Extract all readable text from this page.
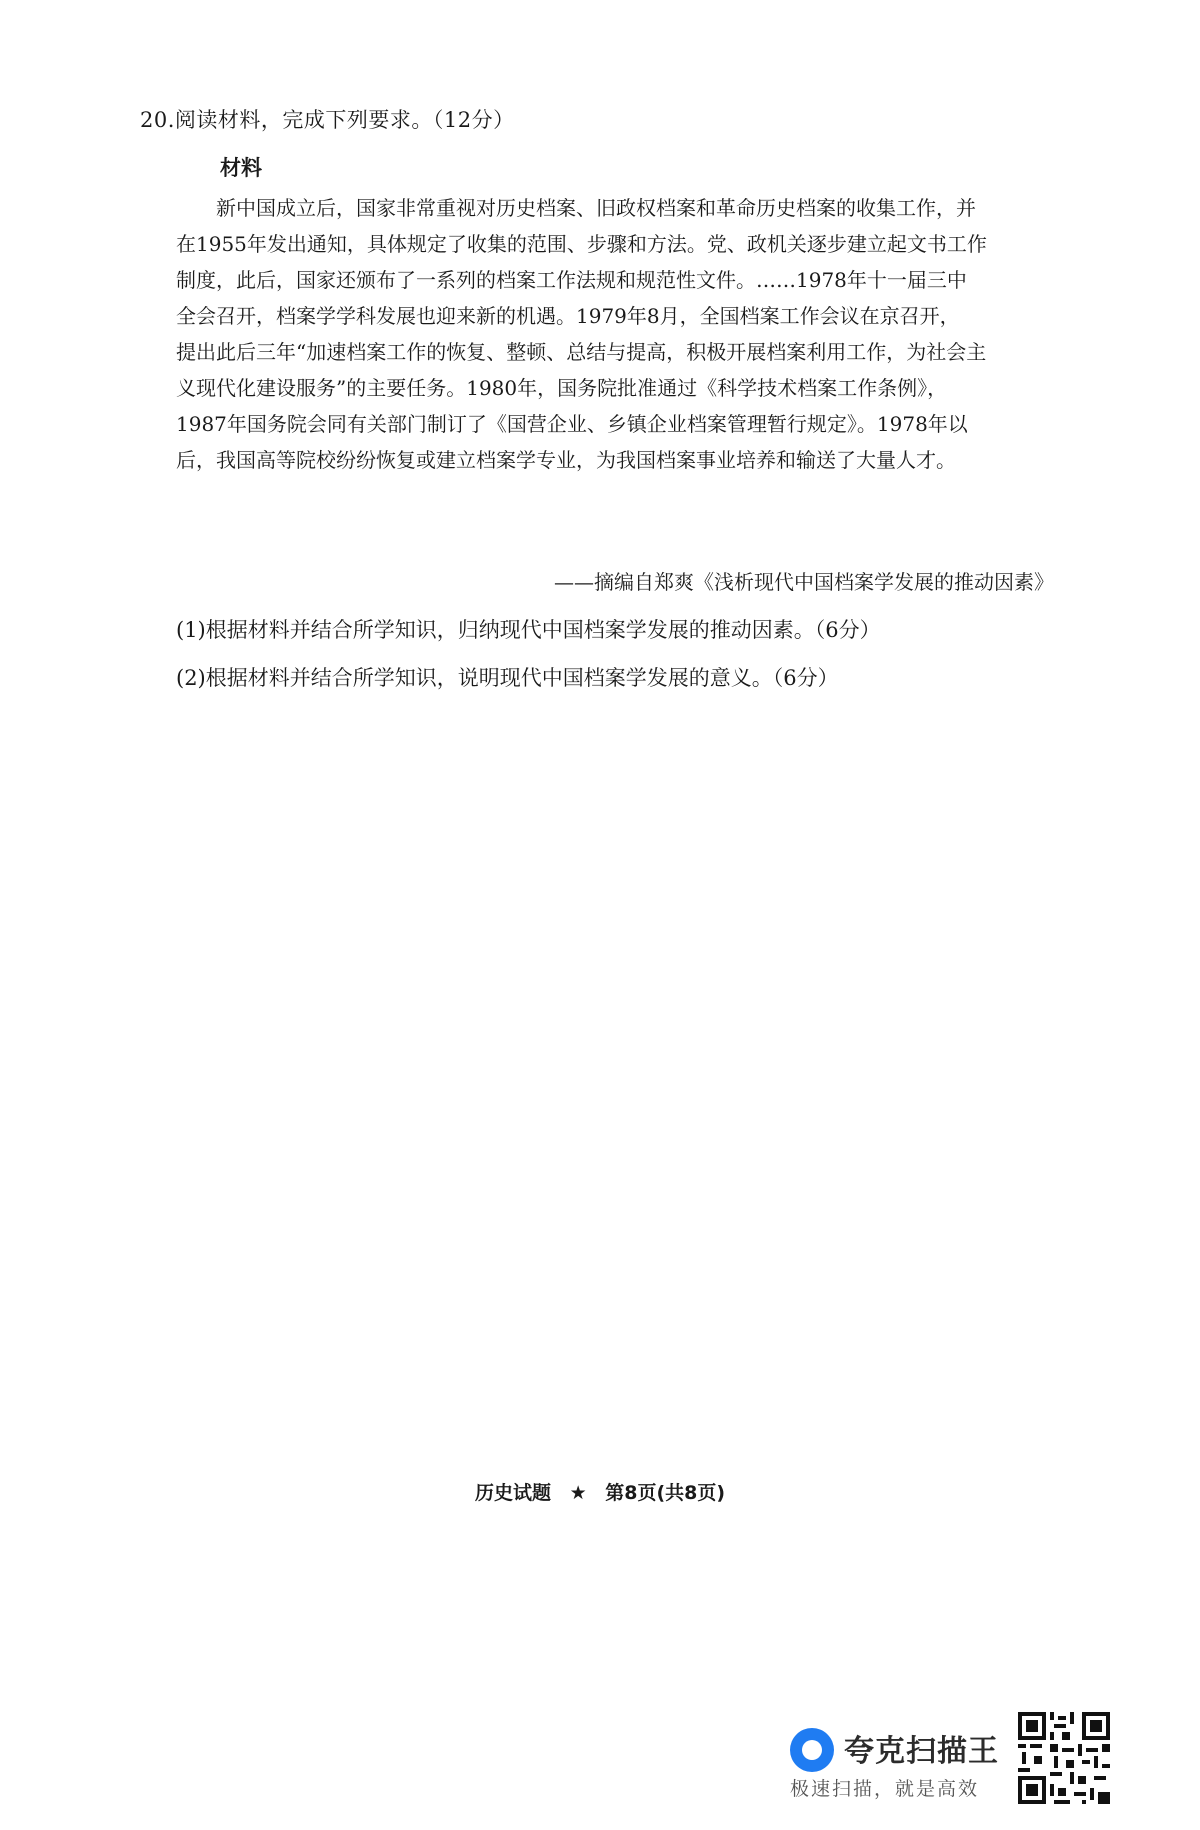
20.阅读材料，完成下列要求。（12分）
材料
新中国成立后，国家非常重视对历史档案、旧政权档案和革命历史档案的收集工作，并
在1955年发出通知，具体规定了收集的范围、步骤和方法。党、政机关逐步建立起文书工作
制度，此后，国家还颁布了一系列的档案工作法规和规范性文件。……1978年十一届三中
全会召开，档案学学科发展也迎来新的机遇。1979年8月，全国档案工作会议在京召开，
提出此后三年“加速档案工作的恢复、整顿、总结与提高，积极开展档案利用工作，为社会主
义现代化建设服务”的主要任务。1980年，国务院批准通过《科学技术档案工作条例》，
1987年国务院会同有关部门制订了《国营企业、乡镇企业档案管理暂行规定》。1978年以
后，我国高等院校纷纷恢复或建立档案学专业，为我国档案事业培养和输送了大量人才。
——摘编自郑爽《浅析现代中国档案学发展的推动因素》
(1)根据材料并结合所学知识，归纳现代中国档案学发展的推动因素。（6分）
(2)根据材料并结合所学知识，说明现代中国档案学发展的意义。（6分）
历史试题 ★ 第8页(共8页)
夸克扫描王
极速扫描，就是高效
